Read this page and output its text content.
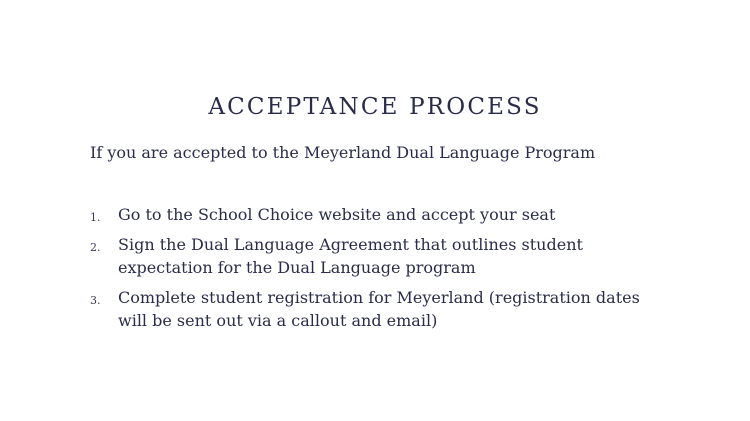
ACCEPTANCE PROCESS

If you are accepted to the Meyerland Dual Language Program

1. Go to the School Choice website and accept your seat
2. Sign the Dual Language Agreement that outlines student expectation for the Dual Language program
3. Complete student registration for Meyerland (registration dates will be sent out via a callout and email)
